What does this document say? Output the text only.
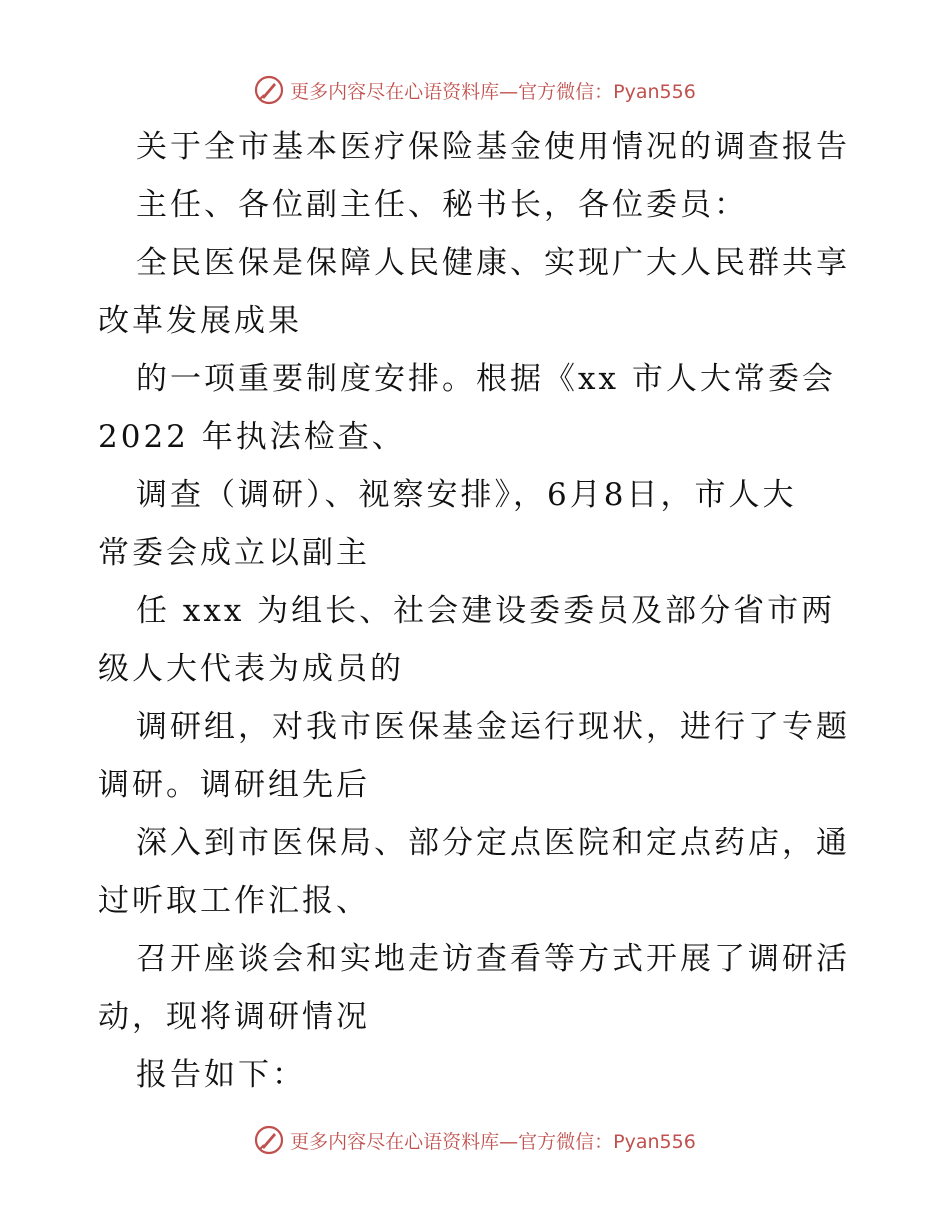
更多内容尽在心语资料库—官方微信：Pyan556
关于全市基本医疗保险基金使用情况的调查报告
主任、各位副主任、秘书长，各位委员：
全民医保是保障人民健康、实现广大人民群共享
改革发展成果
的一项重要制度安排。根据《xx 市人大常委会
2022 年执法检查、
调查（调研）、视察安排》，6月8日，市人大
常委会成立以副主
任 xxx 为组长、社会建设委委员及部分省市两
级人大代表为成员的
调研组，对我市医保基金运行现状，进行了专题
调研。调研组先后
深入到市医保局、部分定点医院和定点药店，通
过听取工作汇报、
召开座谈会和实地走访查看等方式开展了调研活
动，现将调研情况
报告如下：
更多内容尽在心语资料库—官方微信：Pyan556
